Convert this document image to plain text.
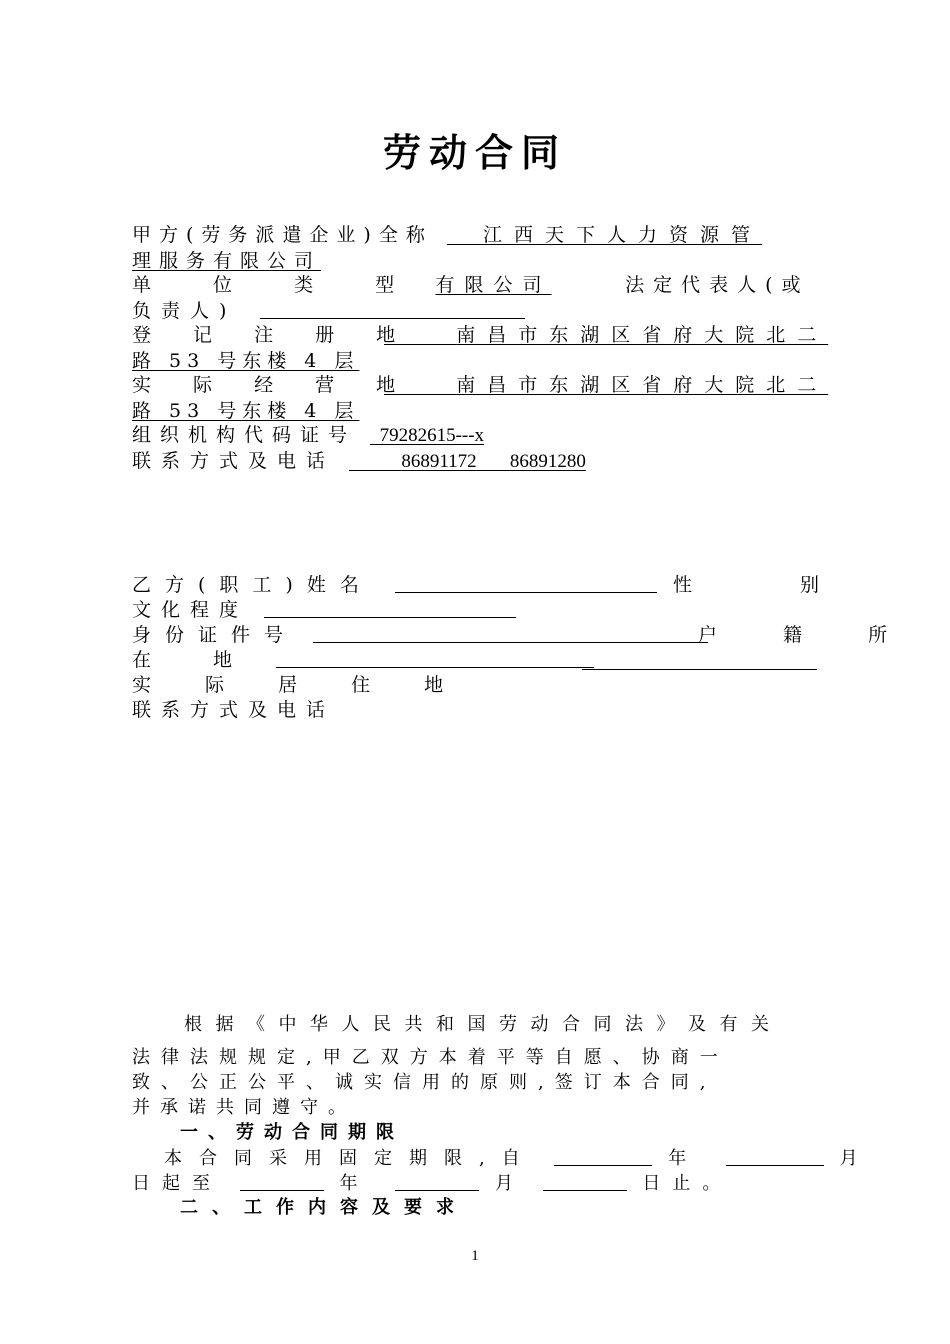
劳动合同
甲方(劳务派遣企业)全称	江西天下人力资源管
理服务有限公司
单 位 类 型 有限公司	法定代表人(或
负责人)
登 记 注 册 地 南昌市东湖区省府大院北二
路 53 号东楼 4 层
实 际 经 营 地 南昌市东湖区省府大院北二
路 53 号东楼 4 层
组织机构代码证号 79282615---x
联系方式及电话	86891172 86891280
乙方(职工)姓名	性	别
文化程度
身份证件号	户 籍 所
在 地
实 际 居 住 地
联系方式及电话
根据《中华人民共和国劳动合同法》及有关
法律法规规定,甲乙双方本着平等自愿、协商一
致、公正公平、诚实信用的原则,签订本合同,
并承诺共同遵守。
一、劳动合同期限
本合同采用固定期限,自	年	月
日起至	年	月	日止。
二、工作内容及要求
1
